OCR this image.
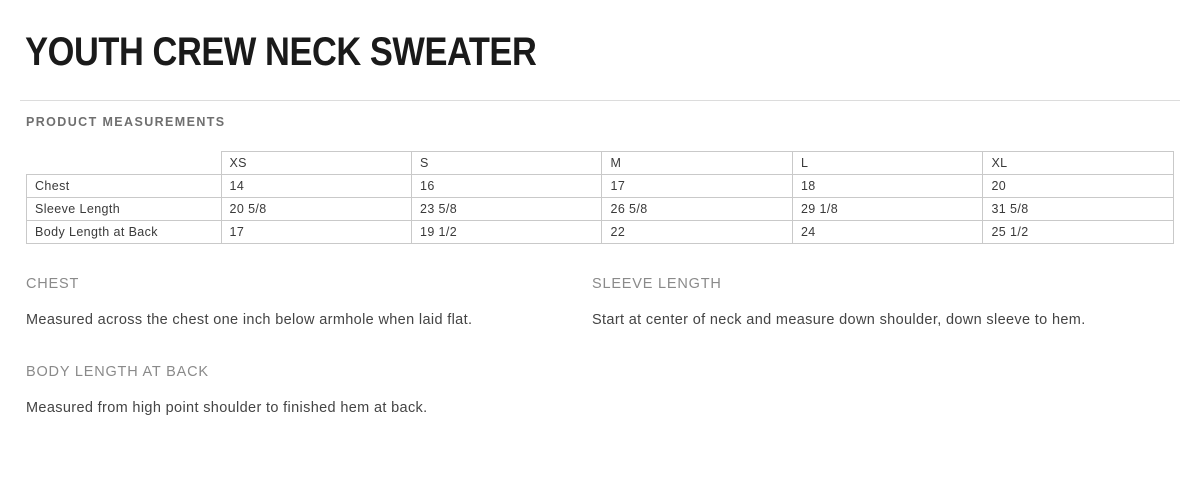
YOUTH CREW NECK SWEATER
PRODUCT MEASUREMENTS
	XS	S	M	L	XL
Chest	14	16	17	18	20
Sleeve Length	20 5/8	23 5/8	26 5/8	29 1/8	31 5/8
Body Length at Back	17	19 1/2	22	24	25 1/2
CHEST
Measured across the chest one inch below armhole when laid flat.
SLEEVE LENGTH
Start at center of neck and measure down shoulder, down sleeve to hem.
BODY LENGTH AT BACK
Measured from high point shoulder to finished hem at back.
